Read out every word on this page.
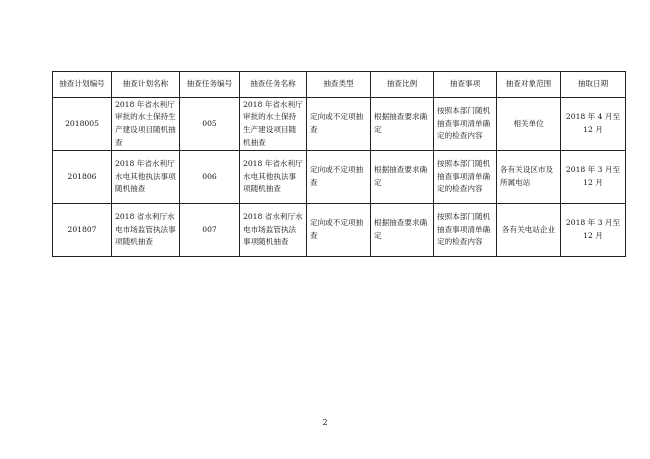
抽查计划编号	抽查计划名称	抽查任务编号	抽查任务名称	抽查类型	抽查比例	抽查事项	抽查对象范围	抽取日期
2018005	2018 年省水利厅审批的水土保持生产建设项目随机抽查	005	2018 年省水利厅审批的水土保持生产建设项目随机抽查	定向或不定项抽查	根据抽查要求确定	按照本部门随机抽查事项清单确定的检查内容	相关单位	2018 年 4 月至 12 月
201806	2018 年省水利厅水电其他执法事项随机抽查	006	2018 年省水利厅水电其他执法事项随机抽查	定向或不定项抽查	根据抽查要求确定	按照本部门随机抽查事项清单确定的检查内容	各有关设区市及所属电站	2018 年 3 月至 12 月
201807	2018 省水利厅水电市场监管执法事项随机抽查	007	2018 省水利厅水电市场监管执法事项随机抽查	定向或不定项抽查	根据抽查要求确定	按照本部门随机抽查事项清单确定的检查内容	各有关电站企业	2018 年 3 月至 12 月
2
